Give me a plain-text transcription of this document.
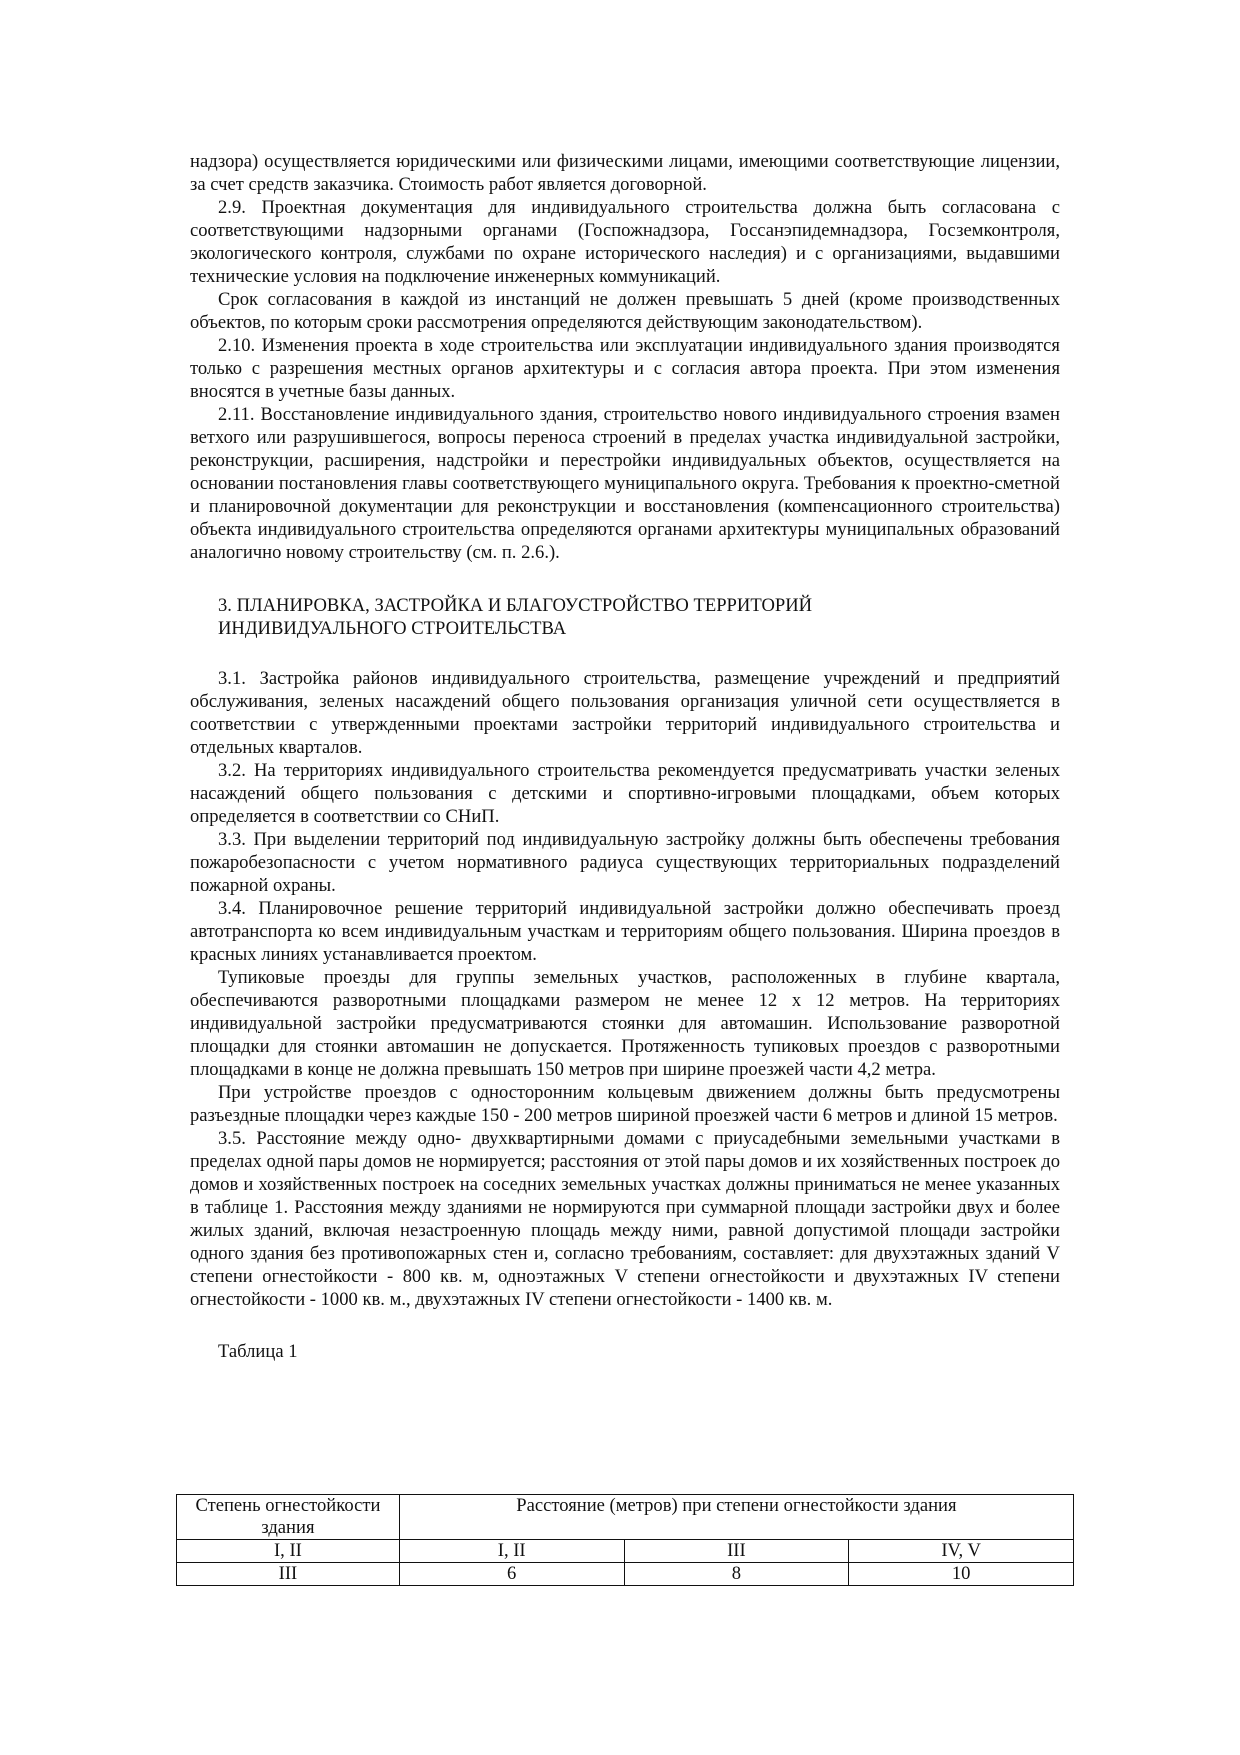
надзора) осуществляется юридическими или физическими лицами, имеющими соответствующие лицензии, за счет средств заказчика. Стоимость работ является договорной.

2.9. Проектная документация для индивидуального строительства должна быть согласована с соответствующими надзорными органами (Госпожнадзора, Госсанэпидемнадзора, Госземконтроля, экологического контроля, службами по охране исторического наследия) и с организациями, выдавшими технические условия на подключение инженерных коммуникаций.

Срок согласования в каждой из инстанций не должен превышать 5 дней (кроме производственных объектов, по которым сроки рассмотрения определяются действующим законодательством).

2.10. Изменения проекта в ходе строительства или эксплуатации индивидуального здания производятся только с разрешения местных органов архитектуры и с согласия автора проекта. При этом изменения вносятся в учетные базы данных.

2.11. Восстановление индивидуального здания, строительство нового индивидуального строения взамен ветхого или разрушившегося, вопросы переноса строений в пределах участка индивидуальной застройки, реконструкции, расширения, надстройки и перестройки индивидуальных объектов, осуществляется на основании постановления главы соответствующего муниципального округа. Требования к проектно-сметной и планировочной документации для реконструкции и восстановления (компенсационного строительства) объекта индивидуального строительства определяются органами архитектуры муниципальных образований аналогично новому строительству (см. п. 2.6.).

3. ПЛАНИРОВКА, ЗАСТРОЙКА И БЛАГОУСТРОЙСТВО ТЕРРИТОРИЙ
ИНДИВИДУАЛЬНОГО СТРОИТЕЛЬСТВА

3.1. Застройка районов индивидуального строительства, размещение учреждений и предприятий обслуживания, зеленых насаждений общего пользования организация уличной сети осуществляется в соответствии с утвержденными проектами застройки территорий индивидуального строительства и отдельных кварталов.

3.2. На территориях индивидуального строительства рекомендуется предусматривать участки зеленых насаждений общего пользования с детскими и спортивно-игровыми площадками, объем которых определяется в соответствии со СНиП.

3.3. При выделении территорий под индивидуальную застройку должны быть обеспечены требования пожаробезопасности с учетом нормативного радиуса существующих территориальных подразделений пожарной охраны.

3.4. Планировочное решение территорий индивидуальной застройки должно обеспечивать проезд автотранспорта ко всем индивидуальным участкам и территориям общего пользования. Ширина проездов в красных линиях устанавливается проектом.

Тупиковые проезды для группы земельных участков, расположенных в глубине квартала, обеспечиваются разворотными площадками размером не менее 12 х 12 метров. На территориях индивидуальной застройки предусматриваются стоянки для автомашин. Использование разворотной площадки для стоянки автомашин не допускается. Протяженность тупиковых проездов с разворотными площадками в конце не должна превышать 150 метров при ширине проезжей части 4,2 метра.

При устройстве проездов с односторонним кольцевым движением должны быть предусмотрены разъездные площадки через каждые 150 - 200 метров шириной проезжей части 6 метров и длиной 15 метров.

3.5. Расстояние между одно- двухквартирными домами с приусадебными земельными участками в пределах одной пары домов не нормируется; расстояния от этой пары домов и их хозяйственных построек до домов и хозяйственных построек на соседних земельных участках должны приниматься не менее указанных в таблице 1. Расстояния между зданиями не нормируются при суммарной площади застройки двух и более жилых зданий, включая незастроенную площадь между ними, равной допустимой площади застройки одного здания без противопожарных стен и, согласно требованиям, составляет: для двухэтажных зданий V степени огнестойкости - 800 кв. м, одноэтажных V степени огнестойкости и двухэтажных IV степени огнестойкости - 1000 кв. м., двухэтажных IV степени огнестойкости - 1400 кв. м.

Таблица 1
Степень огнестойкости здания	Расстояние (метров) при степени огнестойкости здания		
I, II	I, II	III	IV, V
III	6	8	10
